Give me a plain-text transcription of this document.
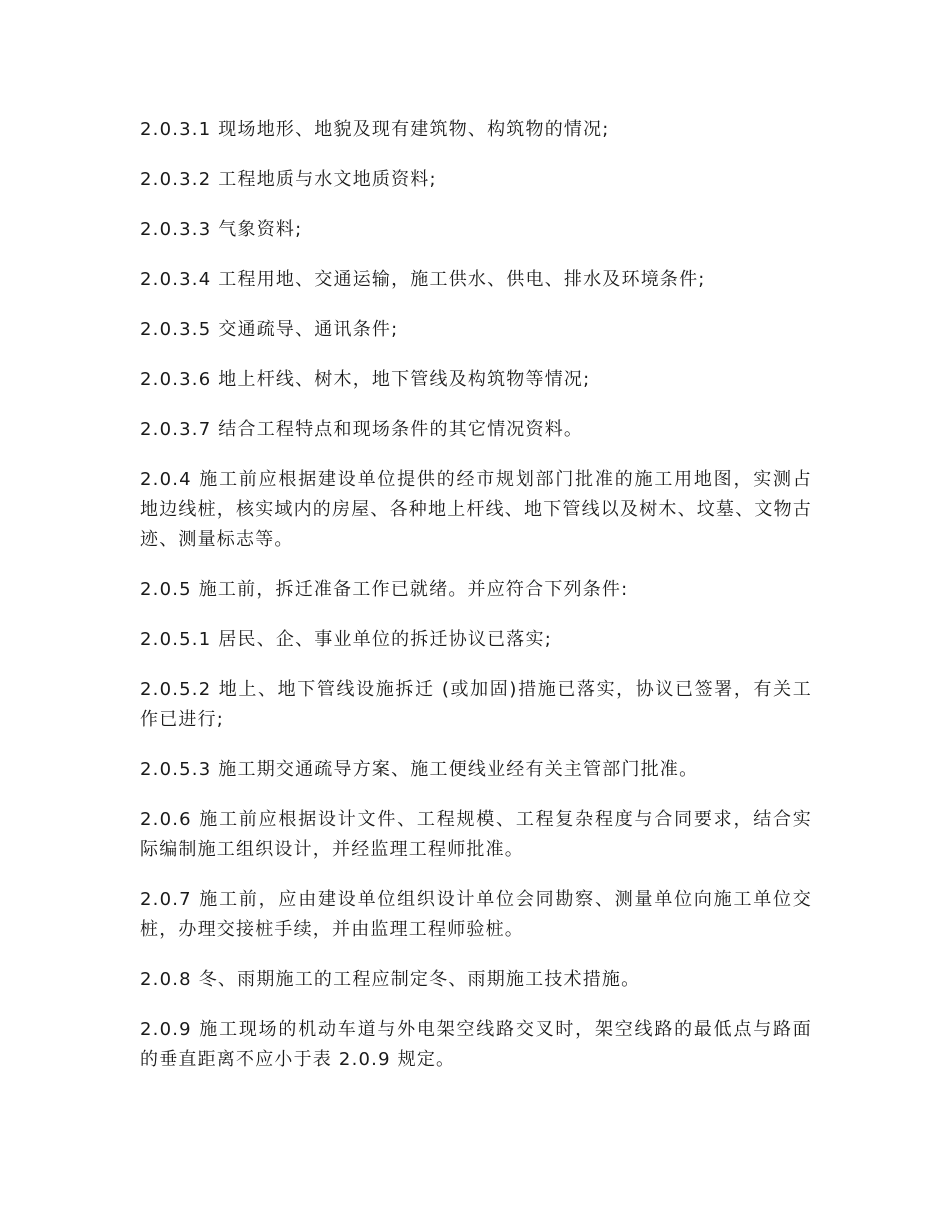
2.0.3.1 现场地形、地貌及现有建筑物、构筑物的情况;

2.0.3.2 工程地质与水文地质资料;

2.0.3.3 气象资料;

2.0.3.4 工程用地、交通运输，施工供水、供电、排水及环境条件;

2.0.3.5 交通疏导、通讯条件;

2.0.3.6 地上杆线、树木，地下管线及构筑物等情况;

2.0.3.7 结合工程特点和现场条件的其它情况资料。

2.0.4 施工前应根据建设单位提供的经市规划部门批准的施工用地图，实测占地边线桩，核实域内的房屋、各种地上杆线、地下管线以及树木、坟墓、文物古迹、测量标志等。

2.0.5 施工前，拆迁准备工作已就绪。并应符合下列条件:

2.0.5.1 居民、企、事业单位的拆迁协议已落实;

2.0.5.2 地上、地下管线设施拆迁 (或加固)措施已落实，协议已签署，有关工作已进行;

2.0.5.3 施工期交通疏导方案、施工便线业经有关主管部门批准。

2.0.6 施工前应根据设计文件、工程规模、工程复杂程度与合同要求，结合实际编制施工组织设计，并经监理工程师批准。

2.0.7 施工前，应由建设单位组织设计单位会同勘察、测量单位向施工单位交桩，办理交接桩手续，并由监理工程师验桩。

2.0.8 冬、雨期施工的工程应制定冬、雨期施工技术措施。

2.0.9 施工现场的机动车道与外电架空线路交叉时，架空线路的最低点与路面的垂直距离不应小于表 2.0.9 规定。
